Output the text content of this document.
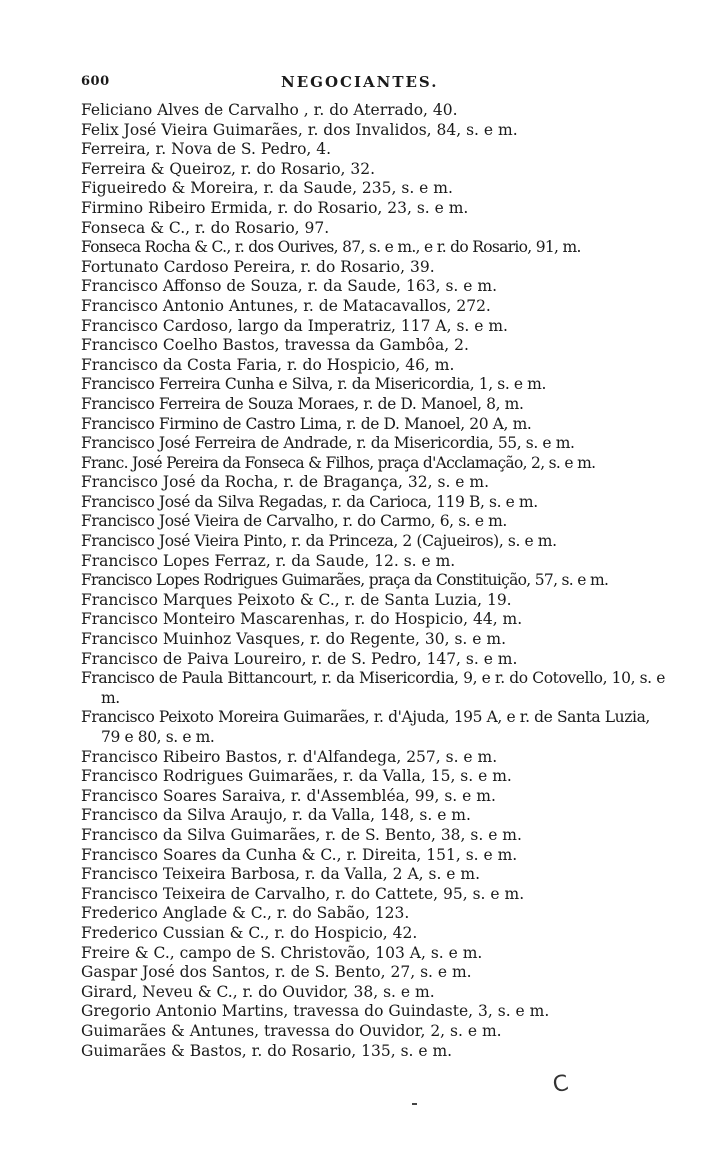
600	NEGOCIANTES.
Feliciano Alves de Carvalho , r. do Aterrado, 40.
Felix José Vieira Guimarães, r. dos Invalidos, 84, s. e m.
Ferreira, r. Nova de S. Pedro, 4.
Ferreira & Queiroz, r. do Rosario, 32.
Figueiredo & Moreira, r. da Saude, 235, s. e m.
Firmino Ribeiro Ermida, r. do Rosario, 23, s. e m.
Fonseca & C., r. do Rosario, 97.
Fonseca Rocha & C., r. dos Ourives, 87, s. e m., e r. do Rosario, 91, m.
Fortunato Cardoso Pereira, r. do Rosario, 39.
Francisco Affonso de Souza, r. da Saude, 163, s. e m.
Francisco Antonio Antunes, r. de Matacavallos, 272.
Francisco Cardoso, largo da Imperatriz, 117 A, s. e m.
Francisco Coelho Bastos, travessa da Gambôa, 2.
Francisco da Costa Faria, r. do Hospicio, 46, m.
Francisco Ferreira Cunha e Silva, r. da Misericordia, 1, s. e m.
Francisco Ferreira de Souza Moraes, r. de D. Manoel, 8, m.
Francisco Firmino de Castro Lima, r. de D. Manoel, 20 A, m.
Francisco José Ferreira de Andrade, r. da Misericordia, 55, s. e m.
Franc. José Pereira da Fonseca & Filhos, praça d'Acclamação, 2, s. e m.
Francisco José da Rocha, r. de Bragança, 32, s. e m.
Francisco José da Silva Regadas, r. da Carioca, 119 B, s. e m.
Francisco José Vieira de Carvalho, r. do Carmo, 6, s. e m.
Francisco José Vieira Pinto, r. da Princeza, 2 (Cajueiros), s. e m.
Francisco Lopes Ferraz, r. da Saude, 12. s. e m.
Francisco Lopes Rodrigues Guimarães, praça da Constituição, 57, s. e m.
Francisco Marques Peixoto & C., r. de Santa Luzia, 19.
Francisco Monteiro Mascarenhas, r. do Hospicio, 44, m.
Francisco Muinhoz Vasques, r. do Regente, 30, s. e m.
Francisco de Paiva Loureiro, r. de S. Pedro, 147, s. e m.
Francisco de Paula Bittancourt, r. da Misericordia, 9, e r. do Cotovello, 10, s. e m.
Francisco Peixoto Moreira Guimarães, r. d'Ajuda, 195 A, e r. de Santa Luzia, 79 e 80, s. e m.
Francisco Ribeiro Bastos, r. d'Alfandega, 257, s. e m.
Francisco Rodrigues Guimarães, r. da Valla, 15, s. e m.
Francisco Soares Saraiva, r. d'Assembléa, 99, s. e m.
Francisco da Silva Araujo, r. da Valla, 148, s. e m.
Francisco da Silva Guimarães, r. de S. Bento, 38, s. e m.
Francisco Soares da Cunha & C., r. Direita, 151, s. e m.
Francisco Teixeira Barbosa, r. da Valla, 2 A, s. e m.
Francisco Teixeira de Carvalho, r. do Cattete, 95, s. e m.
Frederico Anglade & C., r. do Sabão, 123.
Frederico Cussian & C., r. do Hospicio, 42.
Freire & C., campo de S. Christovão, 103 A, s. e m.
Gaspar José dos Santos, r. de S. Bento, 27, s. e m.
Girard, Neveu & C., r. do Ouvidor, 38, s. e m.
Gregorio Antonio Martins, travessa do Guindaste, 3, s. e m.
Guimarães & Antunes, travessa do Ouvidor, 2, s. e m.
Guimarães & Bastos, r. do Rosario, 135, s. e m.
C
